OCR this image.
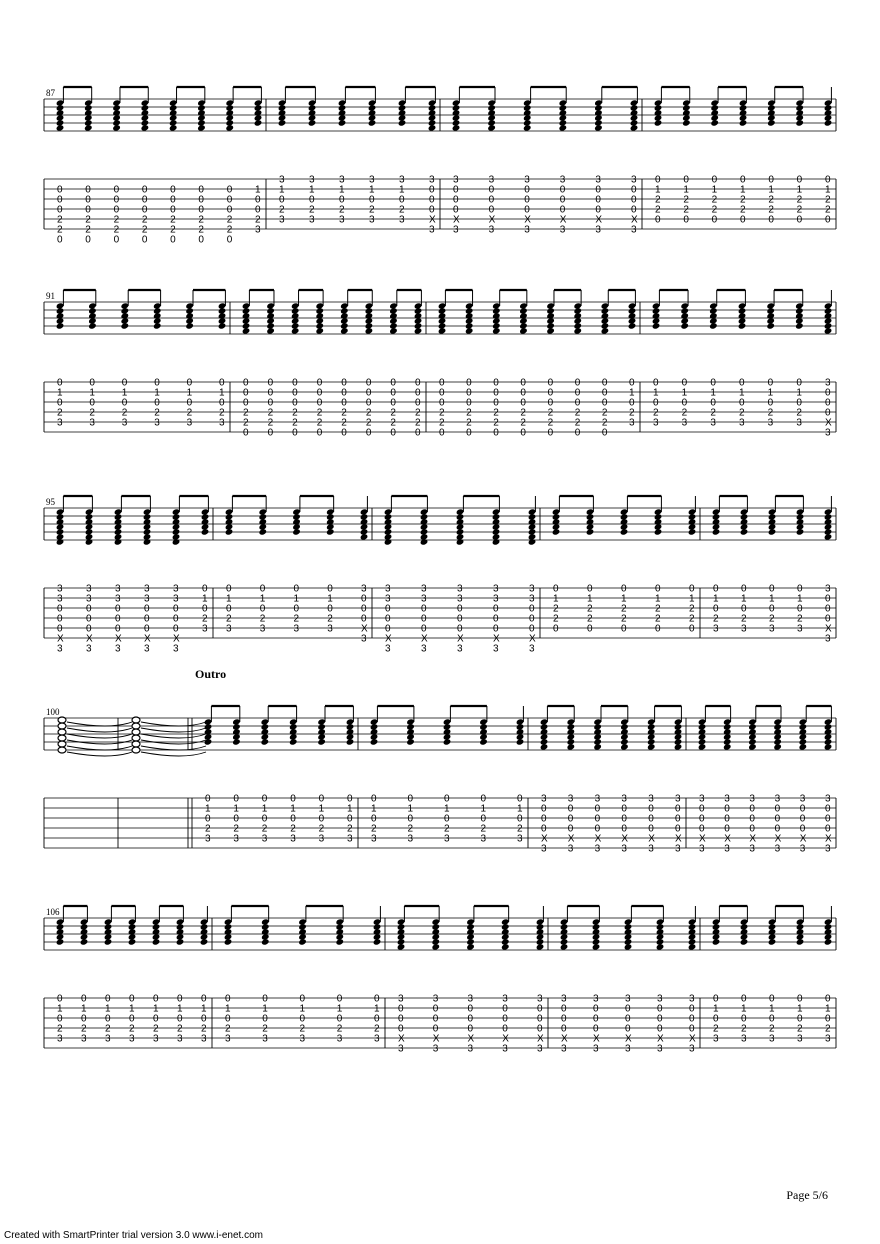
87
0
0
0
2
2
0
0
0
0
2
2
0
0
0
0
2
2
0
0
0
0
2
2
0
0
0
0
2
2
0
0
0
0
2
2
0
0
0
0
2
2
0
1
0
0
2
3
3
1
0
2
3
3
1
0
2
3
3
1
0
2
3
3
1
0
2
3
3
1
0
2
3
3
0
0
0
X
3
3
0
0
0
X
3
3
0
0
0
X
3
3
0
0
0
X
3
3
0
0
0
X
3
3
0
0
0
X
3
3
0
0
0
X
3
0
1
2
2
0
0
1
2
2
0
0
1
2
2
0
0
1
2
2
0
0
1
2
2
0
0
1
2
2
0
0
1
2
2
0
91
0
1
0
2
3
0
1
0
2
3
0
1
0
2
3
0
1
0
2
3
0
1
0
2
3
0
1
0
2
3
0
0
0
2
2
0
0
0
0
2
2
0
0
0
0
2
2
0
0
0
0
2
2
0
0
0
0
2
2
0
0
0
0
2
2
0
0
0
0
2
2
0
0
0
0
2
2
0
0
0
0
2
2
0
0
0
0
2
2
0
0
0
0
2
2
0
0
0
0
2
2
0
0
0
0
2
2
0
0
0
0
2
2
0
0
0
0
2
2
0
0
1
0
2
3
0
1
0
2
3
0
1
0
2
3
0
1
0
2
3
0
1
0
2
3
0
1
0
2
3
0
1
0
2
3
3
0
0
0
X
3
95
3
3
0
0
0
X
3
3
3
0
0
0
X
3
3
3
0
0
0
X
3
3
3
0
0
0
X
3
3
3
0
0
0
X
3
0
1
0
2
3
0
1
0
2
3
0
1
0
2
3
0
1
0
2
3
0
1
0
2
3
3
0
0
0
X
3
3
3
0
0
0
X
3
3
3
0
0
0
X
3
3
3
0
0
0
X
3
3
3
0
0
0
X
3
3
3
0
0
0
X
3
0
1
2
2
0
0
1
2
2
0
0
1
2
2
0
0
1
2
2
0
0
1
2
2
0
0
1
0
2
3
0
1
0
2
3
0
1
0
2
3
0
1
0
2
3
3
0
0
0
X
3
100
Outro
0
1
0
2
3
0
1
0
2
3
0
1
0
2
3
0
1
0
2
3
0
1
0
2
3
0
1
0
2
3
0
1
0
2
3
0
1
0
2
3
0
1
0
2
3
0
1
0
2
3
0
1
0
2
3
3
0
0
0
X
3
3
0
0
0
X
3
3
0
0
0
X
3
3
0
0
0
X
3
3
0
0
0
X
3
3
0
0
0
X
3
3
0
0
0
X
3
3
0
0
0
X
3
3
0
0
0
X
3
3
0
0
0
X
3
3
0
0
0
X
3
3
0
0
0
X
3
106
0
1
0
2
3
0
1
0
2
3
0
1
0
2
3
0
1
0
2
3
0
1
0
2
3
0
1
0
2
3
0
1
0
2
3
0
1
0
2
3
0
1
0
2
3
0
1
0
2
3
0
1
0
2
3
0
1
0
2
3
3
0
0
0
X
3
3
0
0
0
X
3
3
0
0
0
X
3
3
0
0
0
X
3
3
0
0
0
X
3
3
0
0
0
X
3
3
0
0
0
X
3
3
0
0
0
X
3
3
0
0
0
X
3
3
0
0
0
X
3
0
1
0
2
3
0
1
0
2
3
0
1
0
2
3
0
1
0
2
3
0
1
0
2
3
Page 5/6
Created with SmartPrinter trial version 3.0 www.i-enet.com
